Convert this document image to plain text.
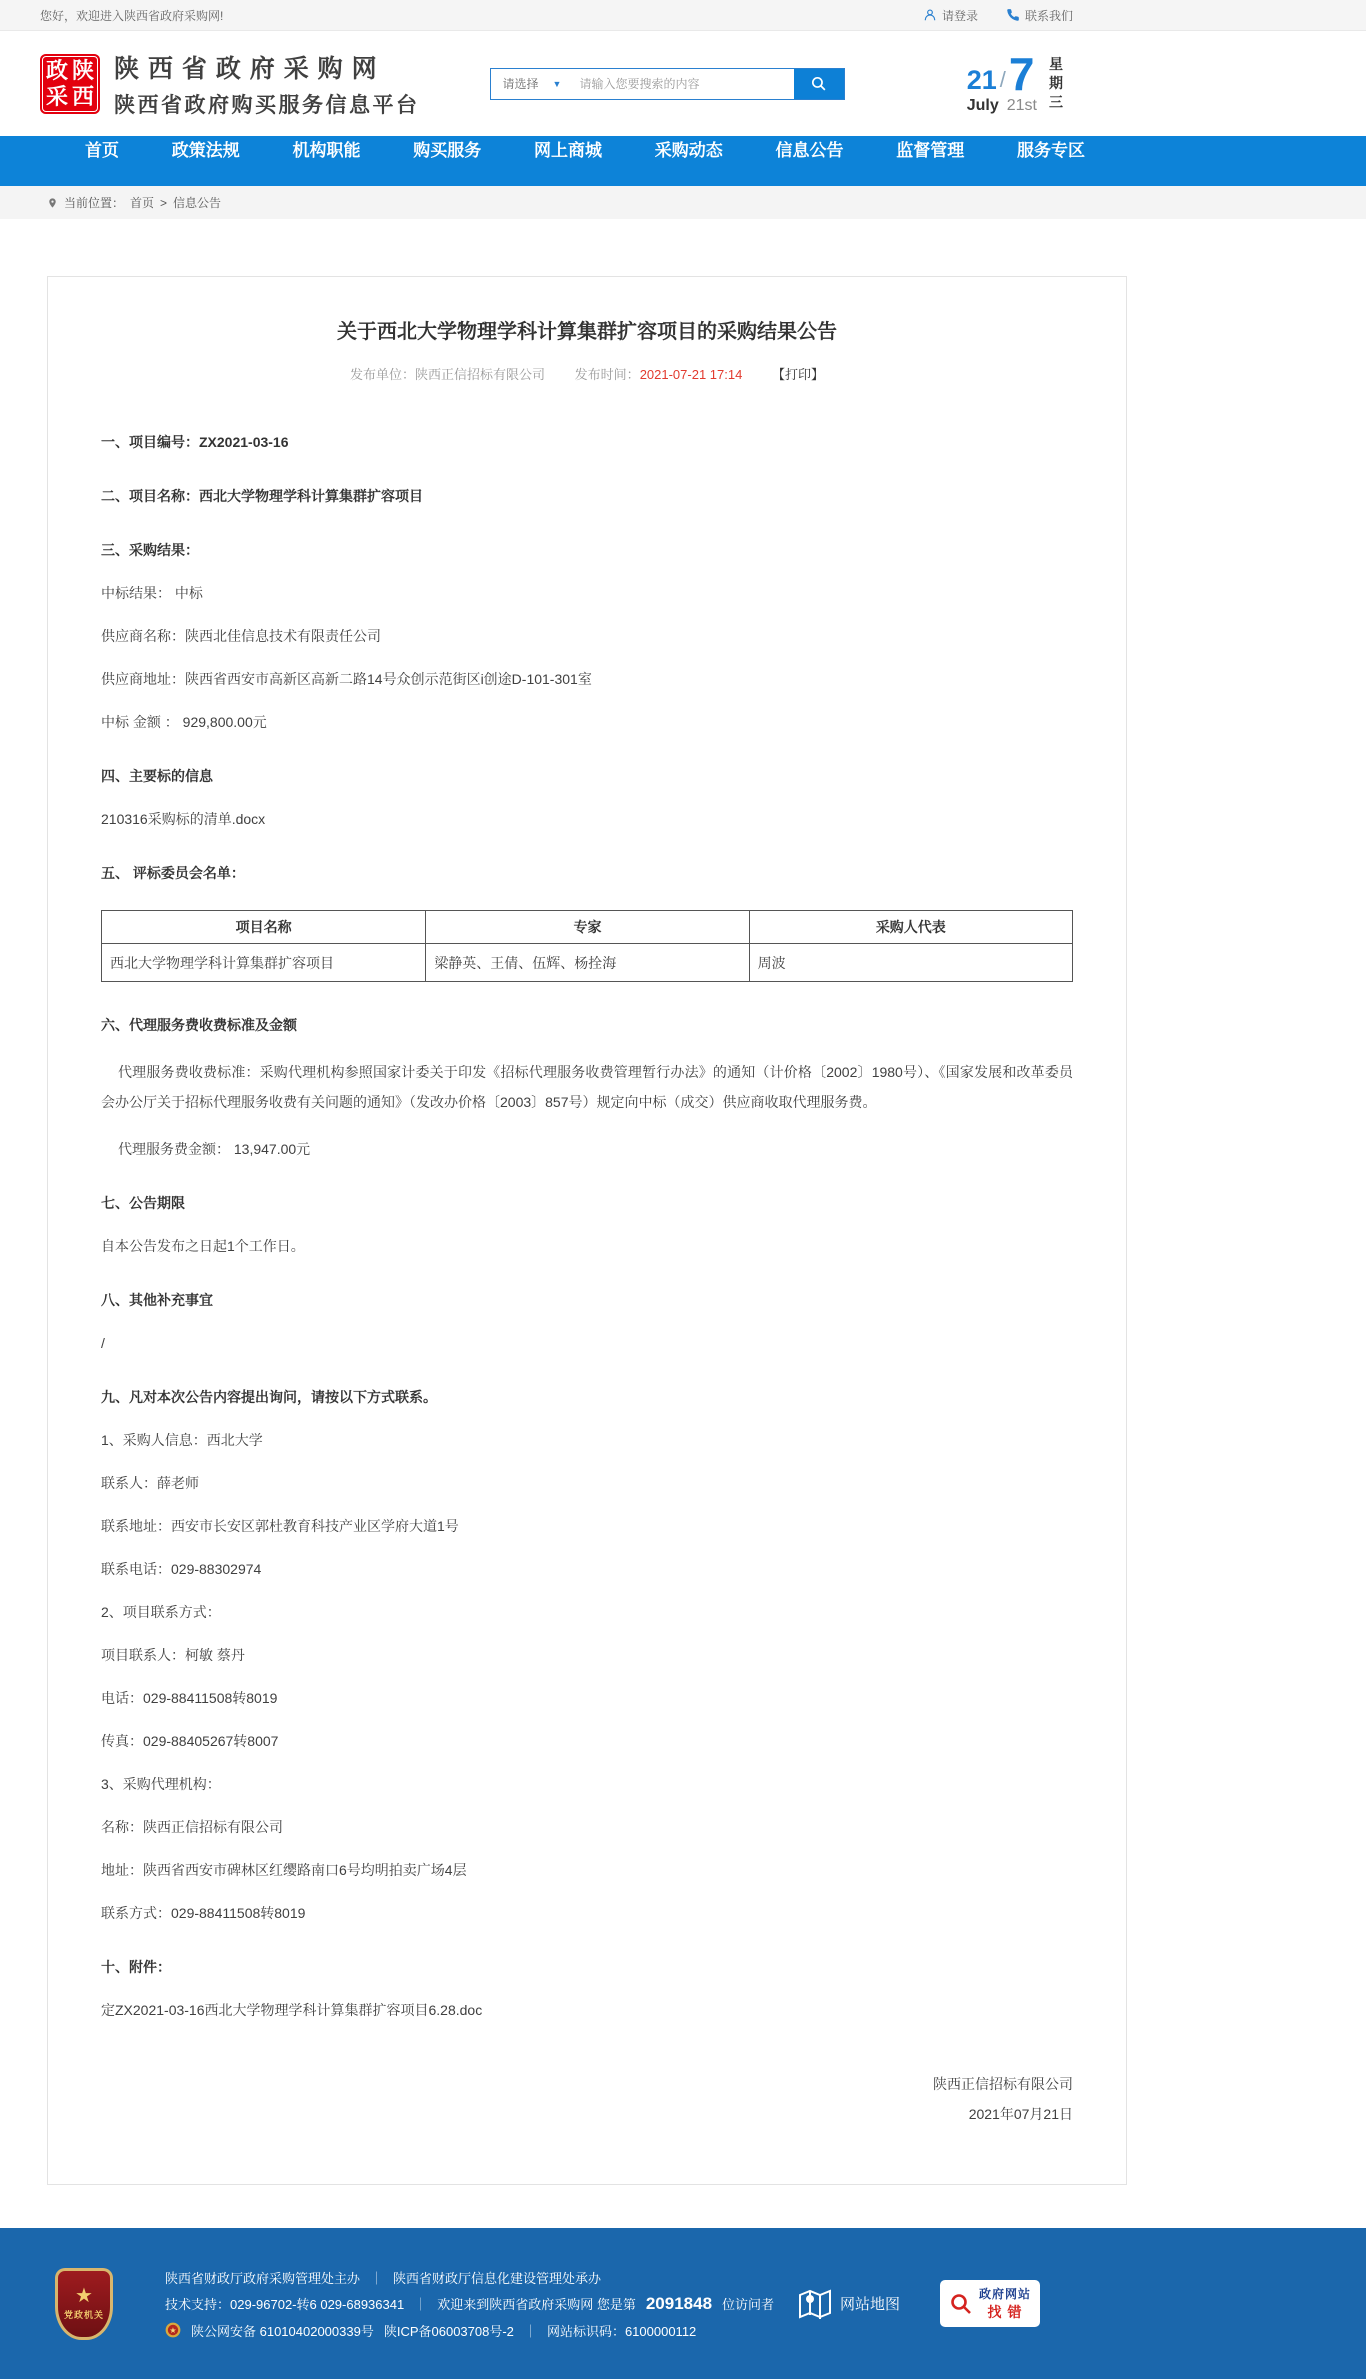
您好，欢迎进入陕西省政府采购网!	请登录	联系我们
政 陕
采 西
陕 西 省 政 府 采 购 网
陕西省政府购买服务信息平台
请选择 ▼
请输入您要搜索的内容	21 / 7
July 21st
星
期
三
首页	政策法规	机构职能	购买服务	网上商城	采购动态	信息公告	监督管理	服务专区
当前位置： 首页 > 信息公告
关于西北大学物理学科计算集群扩容项目的采购结果公告
发布单位：陕西正信招标有限公司 发布时间：2021-07-21 17:14 【打印】

一、项目编号：ZX2021-03-16

二、项目名称：西北大学物理学科计算集群扩容项目

三、采购结果：

中标结果： 中标

供应商名称：陕西北佳信息技术有限责任公司

供应商地址：陕西省西安市高新区高新二路14号众创示范街区i创途D-101-301室

中标 金额 ： 929,800.00元

四、主要标的信息

210316采购标的清单.docx

五、 评标委员会名单：

项目名称	专家	采购人代表
西北大学物理学科计算集群扩容项目	梁静英、王倩、伍辉、杨拴海	周波

六、代理服务费收费标准及金额

代理服务费收费标准：采购代理机构参照国家计委关于印发《招标代理服务收费管理暂行办法》的通知（计价格〔2002〕1980号）、《国家发展和改革委员会办公厅关于招标代理服务收费有关问题的通知》（发改办价格〔2003〕857号）规定向中标（成交）供应商收取代理服务费。

代理服务费金额： 13,947.00元

七、公告期限

自本公告发布之日起1个工作日。

八、其他补充事宜

/

九、凡对本次公告内容提出询问，请按以下方式联系。

1、采购人信息：西北大学

联系人：薛老师

联系地址：西安市长安区郭杜教育科技产业区学府大道1号

联系电话：029-88302974

2、项目联系方式：

项目联系人：柯敏 蔡丹

电话：029-88411508转8019

传真：029-88405267转8007

3、采购代理机构：

名称：陕西正信招标有限公司

地址：陕西省西安市碑林区红缨路南口6号均明拍卖广场4层

联系方式：029-88411508转8019

十、附件：

定ZX2021-03-16西北大学物理学科计算集群扩容项目6.28.doc

陕西正信招标有限公司
2021年07月21日
★
党政机关
陕西省财政厅政府采购管理处主办 ｜ 陕西省财政厅信息化建设管理处承办
技术支持：029-96702-转6 029-68936341 ｜ 欢迎来到陕西省政府采购网 您是第 2091848 位访问者
★ 陕公网安备 61010402000339号 陕ICP备06003708号-2 ｜ 网站标识码：6100000112
网站地图
政府网站
找错
